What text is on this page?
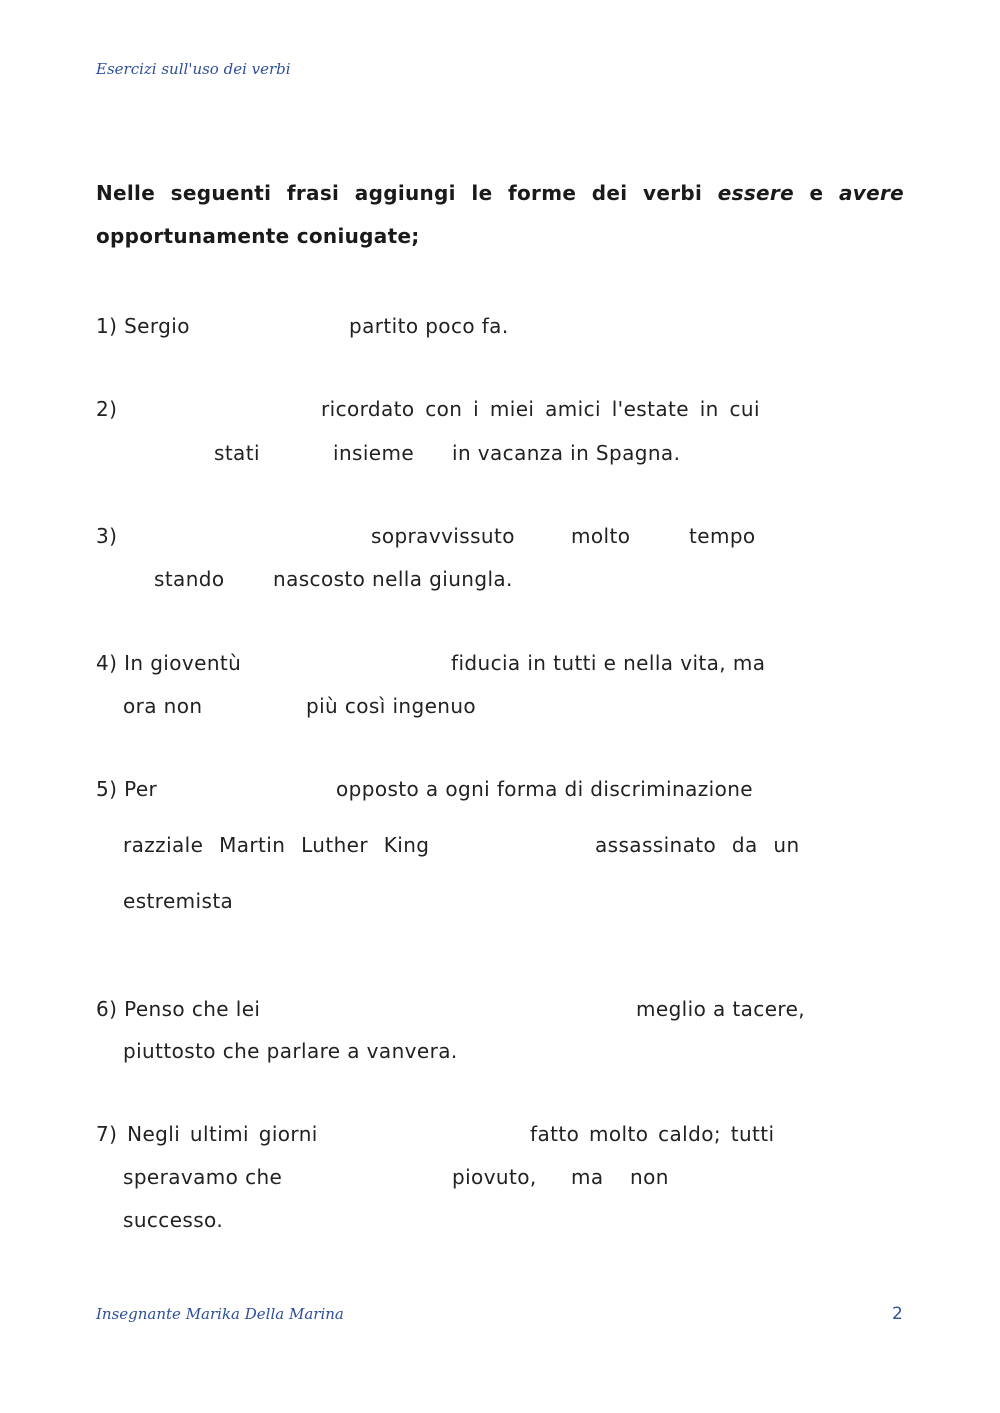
Esercizi sull'uso dei verbi
Nelle seguenti frasi aggiungi le forme dei verbi essere e avere opportunamente coniugate;
1) Sergio	partito poco fa.
2)	ricordato con i miei amici l'estate in cui
stati	insieme in vacanza in Spagna.
3)	sopravvissuto	molto	tempo
stando nascosto nella giungla.
4) In gioventù	fiducia in tutti e nella vita, ma
ora non	più così ingenuo
5) Per	opposto a ogni forma di discriminazione
razziale Martin Luther King	assassinato da un
estremista
6) Penso che lei	meglio a tacere,
piuttosto che parlare a vanvera.
7) Negli ultimi giorni	fatto molto caldo; tutti
speravamo che	piovuto, ma non
successo.
Insegnante Marika Della Marina	2
